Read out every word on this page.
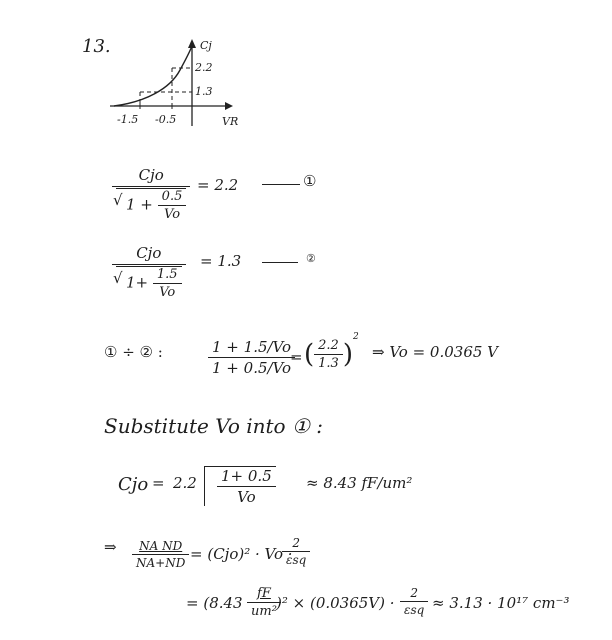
13.	Cj
2.2
1.3
-1.5 -0.5	VR
$\frac{\text{Cjo}}{√ 1 + \frac{0.5}{Vo}} = 2.2$	①
$\frac{\text{Cjo}}{√ 1+ \frac{1.5}{Vo}} = 1.3$	②
① ÷ ② :	$\frac{1 + 1.5/Vo}{1 + 0.5/Vo}$
= ( $\frac{2.2}{1.3} )^2$
⇒ Vo = 0.0365 V
Substitute Vo into ① :
Cjo = $2.2 \frac{1+ 0.5}{Vo} \approx 8.43$ fF/um²
⇒ $\frac{\text{NA ND}}{NA+ND} = (Cjo)^2 \cdot Vo$ ·
$\frac{2}{\text{εsq}}$
= ($8.43 \frac{fF}{\text{um²}}$
)$^2 \times (0.0365V) \cdot \frac{2}{\text{εsq}} \approx 3.13 \cdot 10^{17}$ cm⁻³
